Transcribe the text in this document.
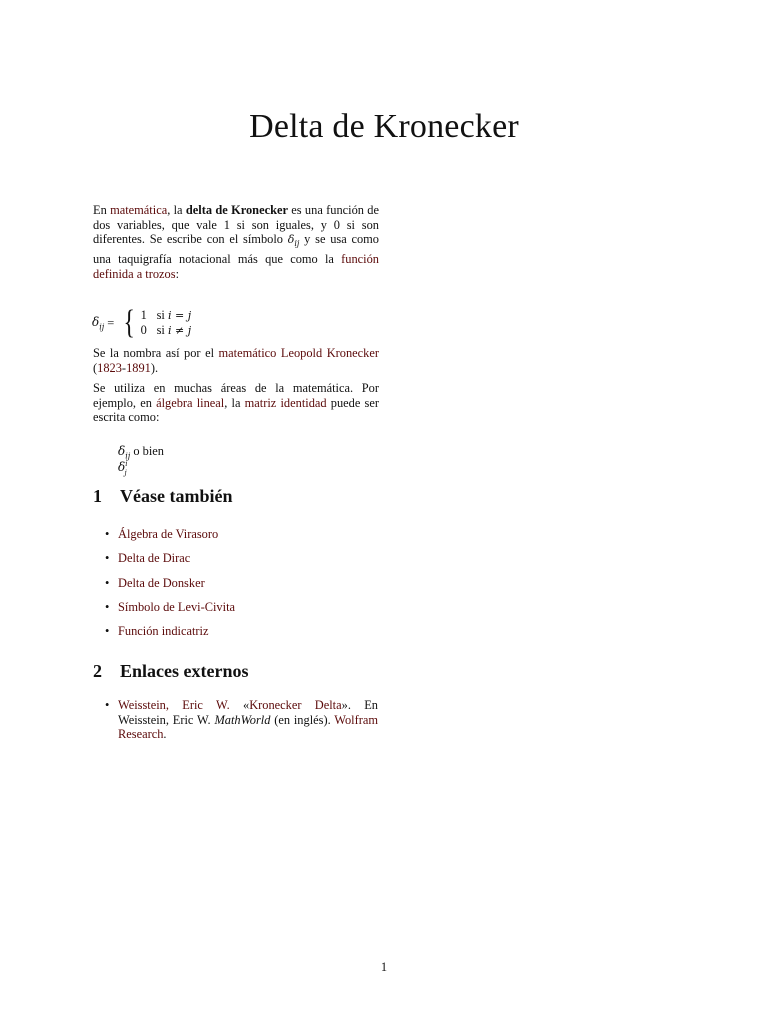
Delta de Kronecker

En matemática, la delta de Kronecker es una función de dos variables, que vale 1 si son iguales, y 0 si son diferentes. Se escribe con el símbolo $\delta_{ij}$ y se usa como una taquigrafía notacional más que como la función definida a trozos:

$\delta_{ij}$ = { 1 si i = j
0 si i ≠ j

Se la nombra así por el matemático Leopold Kronecker (1823-1891).

Se utiliza en muchas áreas de la matemática. Por ejemplo, en álgebra lineal, la matriz identidad puede ser escrita como:

$\delta_{ij}$ o bien $\delta^i_j$
1 Véase también
• Álgebra de Virasoro
• Delta de Dirac
• Delta de Donsker
• Símbolo de Levi-Civita
• Función indicatriz
2 Enlaces externos
• Weisstein, Eric W. «Kronecker Delta». En Weisstein, Eric W. MathWorld (en inglés). Wolfram Research.
1
